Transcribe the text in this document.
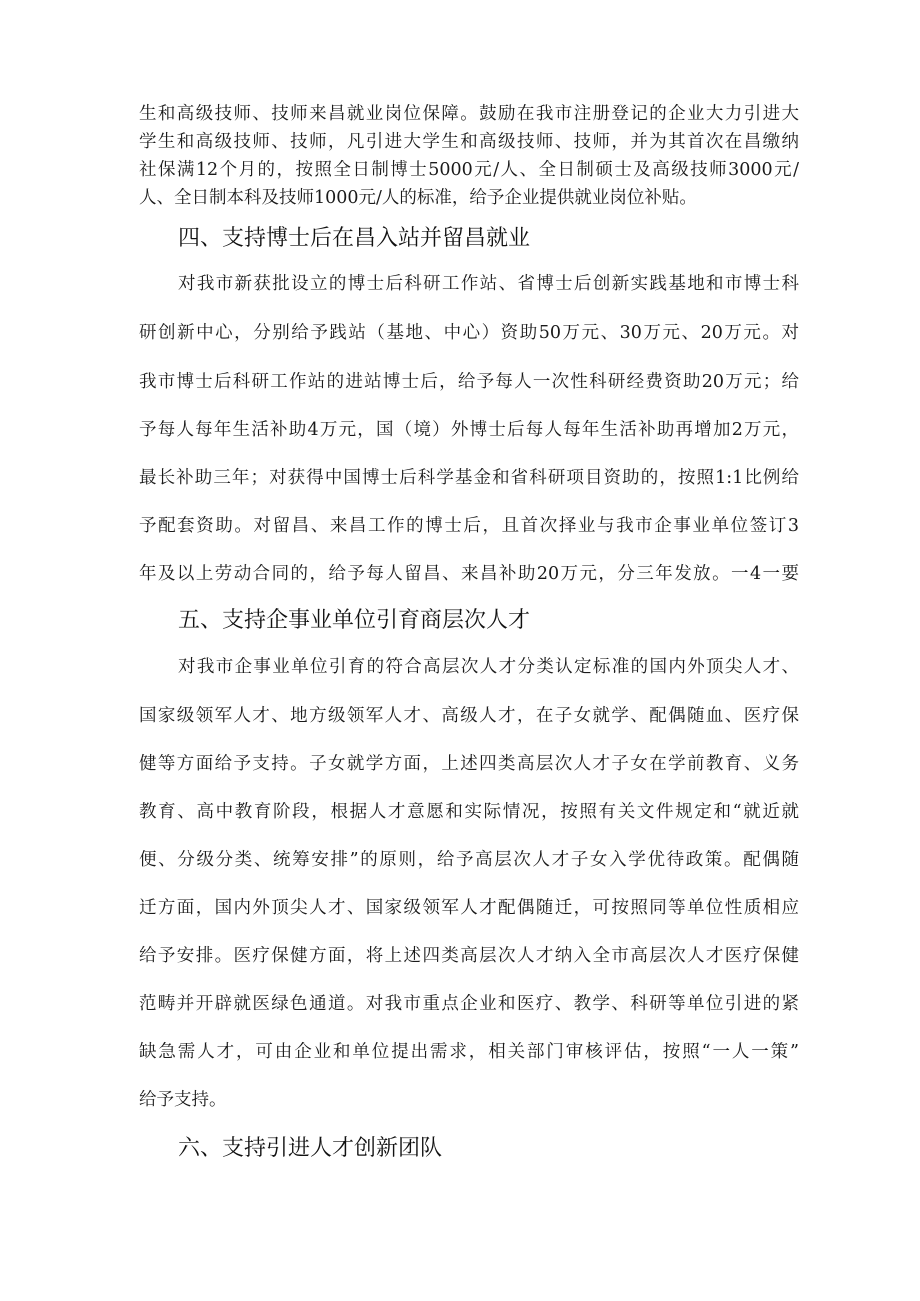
生和高级技师、技师来昌就业岗位保障。鼓励在我市注册登记的企业大力引进大
学生和高级技师、技师，凡引进大学生和高级技师、技师，并为其首次在昌缴纳
社保满12个月的，按照全日制博士5000元/人、全日制硕士及高级技师3000元/
人、全日制本科及技师1000元/人的标准，给予企业提供就业岗位补贴。
四、支持博士后在昌入站并留昌就业
对我市新获批设立的博士后科研工作站、省博士后创新实践基地和市博士科
研创新中心，分别给予践站（基地、中心）资助50万元、30万元、20万元。对
我市博士后科研工作站的进站博士后，给予每人一次性科研经费资助20万元；给
予每人每年生活补助4万元，国（境）外博士后每人每年生活补助再增加2万元，
最长补助三年；对获得中国博士后科学基金和省科研项目资助的，按照1:1比例给
予配套资助。对留昌、来昌工作的博士后，且首次择业与我市企事业单位签订3
年及以上劳动合同的，给予每人留昌、来昌补助20万元，分三年发放。一4一要
五、支持企事业单位引育商层次人才
对我市企事业单位引育的符合高层次人才分类认定标准的国内外顶尖人才、
国家级领军人才、地方级领军人才、高级人才，在子女就学、配偶随血、医疗保
健等方面给予支持。子女就学方面，上述四类高层次人才子女在学前教育、义务
教育、高中教育阶段，根据人才意愿和实际情况，按照有关文件规定和“就近就
便、分级分类、统筹安排”的原则，给予高层次人才子女入学优待政策。配偶随
迁方面，国内外顶尖人才、国家级领军人才配偶随迁，可按照同等单位性质相应
给予安排。医疗保健方面，将上述四类高层次人才纳入全市高层次人才医疗保健
范畴并开辟就医绿色通道。对我市重点企业和医疗、教学、科研等单位引进的紧
缺急需人才，可由企业和单位提出需求，相关部门审核评估，按照“一人一策”
给予支持。
六、支持引进人才创新团队
